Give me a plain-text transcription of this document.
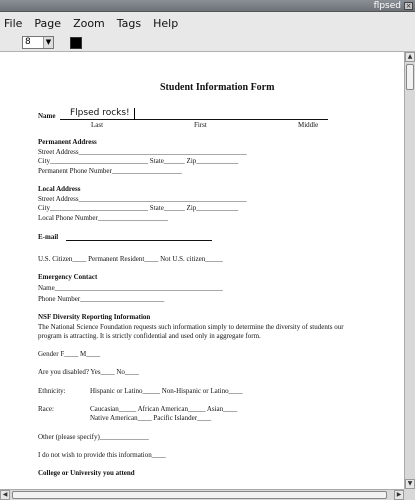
flpsed ×
File Page Zoom Tags Help
8	▼
Student Information Form
Name Flpsed rocks!
Last	First	Middle
Permanent Address
Street Address________________________________________________
City____________________________ State______ Zip____________
Permanent Phone Number____________________
Local Address
Street Address________________________________________________
City____________________________ State______ Zip____________
Local Phone Number____________________
E-mail
U.S. Citizen____ Permanent Resident____ Not U.S. citizen_____
Emergency Contact
Name________________________________________________
Phone Number________________________
NSF Diversity Reporting Information
The National Science Foundation requests such information simply to determine the diversity of students our
program is attracting. It is strictly confidential and used only in aggregate form.
Gender F____ M____
Are you disabled? Yes____ No____
Ethnicity:	Hispanic or Latino_____ Non-Hispanic or Latino____
Race:	Caucasian_____ African American_____ Asian____
Native American____ Pacific Islander____
Other (please specify)______________
I do not wish to provide this information____
College or University you attend
▲
▼
◀	▶
